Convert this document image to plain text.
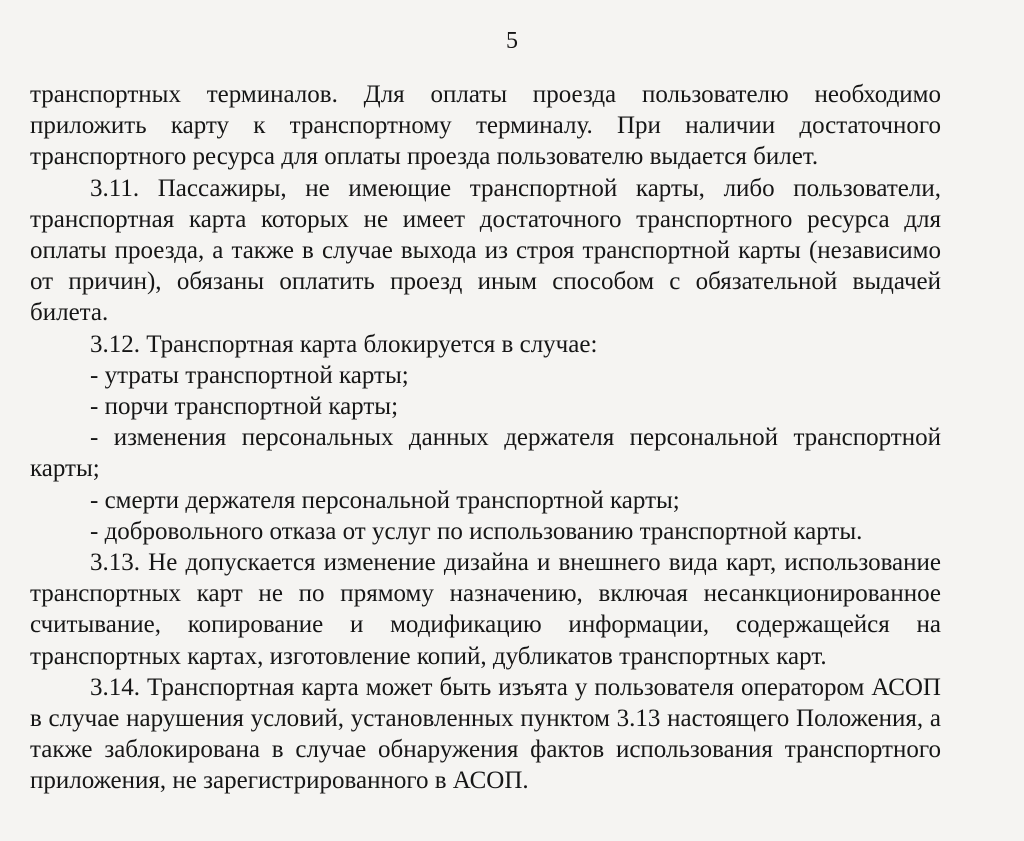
5

транспортных терминалов. Для оплаты проезда пользователю необходимо приложить карту к транспортному терминалу. При наличии достаточного транспортного ресурса для оплаты проезда пользователю выдается билет.

3.11. Пассажиры, не имеющие транспортной карты, либо пользователи, транспортная карта которых не имеет достаточного транспортного ресурса для оплаты проезда, а также в случае выхода из строя транспортной карты (независимо от причин), обязаны оплатить проезд иным способом с обязательной выдачей билета.

3.12. Транспортная карта блокируется в случае:

- утраты транспортной карты;

- порчи транспортной карты;

- изменения персональных данных держателя персональной транспортной карты;

- смерти держателя персональной транспортной карты;

- добровольного отказа от услуг по использованию транспортной карты.

3.13. Не допускается изменение дизайна и внешнего вида карт, использование транспортных карт не по прямому назначению, включая несанкционированное считывание, копирование и модификацию информации, содержащейся на транспортных картах, изготовление копий, дубликатов транспортных карт.

3.14. Транспортная карта может быть изъята у пользователя оператором АСОП в случае нарушения условий, установленных пунктом 3.13 настоящего Положения, а также заблокирована в случае обнаружения фактов использования транспортного приложения, не зарегистрированного в АСОП.
